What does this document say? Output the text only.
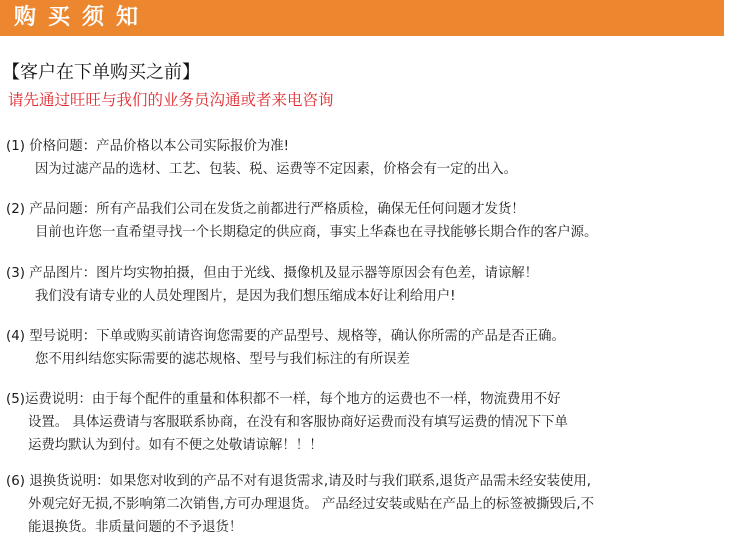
购买须知
【客户在下单购买之前】
请先通过旺旺与我们的业务员沟通或者来电咨询
(1) 价格问题：产品价格以本公司实际报价为准!
因为过滤产品的选材、工艺、包装、税、运费等不定因素，价格会有一定的出入。
(2) 产品问题：所有产品我们公司在发货之前都进行严格质检，确保无任何问题才发货！
目前也许您一直希望寻找一个长期稳定的供应商，事实上华森也在寻找能够长期合作的客户源。
(3) 产品图片：图片均实物拍摄，但由于光线、摄像机及显示器等原因会有色差，请谅解！
我们没有请专业的人员处理图片，是因为我们想压缩成本好让利给用户!
(4) 型号说明：下单或购买前请咨询您需要的产品型号、规格等，确认你所需的产品是否正确。
您不用纠结您实际需要的滤芯规格、型号与我们标注的有所误差
(5)运费说明：由于每个配件的重量和体积都不一样，每个地方的运费也不一样，物流费用不好
设置。 具体运费请与客服联系协商，在没有和客服协商好运费而没有填写运费的情况下下单
运费均默认为到付。如有不便之处敬请谅解！！！
(6) 退换货说明：如果您对收到的产品不对有退货需求,请及时与我们联系,退货产品需未经安装使用,
外观完好无损,不影响第二次销售,方可办理退货。 产品经过安装或贴在产品上的标签被撕毁后,不
能退换货。非质量问题的不予退货！
